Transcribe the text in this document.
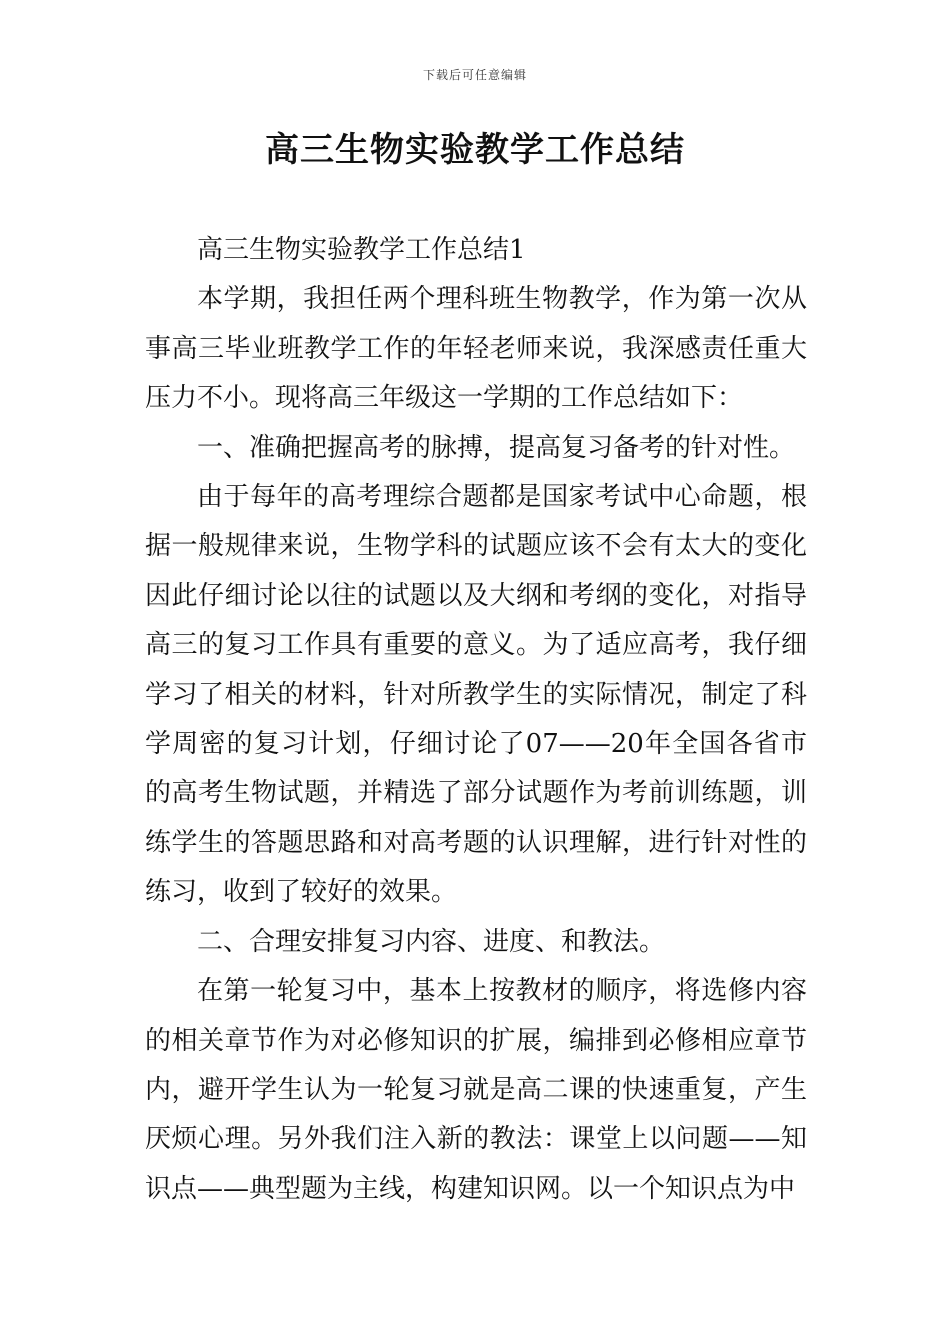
下载后可任意编辑
高三生物实验教学工作总结

高三生物实验教学工作总结1

本学期，我担任两个理科班生物教学，作为第一次从事高三毕业班教学工作的年轻老师来说，我深感责任重大压力不小。现将高三年级这一学期的工作总结如下：

一、准确把握高考的脉搏，提高复习备考的针对性。

由于每年的高考理综合题都是国家考试中心命题，根据一般规律来说，生物学科的试题应该不会有太大的变化因此仔细讨论以往的试题以及大纲和考纲的变化，对指导高三的复习工作具有重要的意义。为了适应高考，我仔细学习了相关的材料，针对所教学生的实际情况，制定了科学周密的复习计划，仔细讨论了07——20年全国各省市的高考生物试题，并精选了部分试题作为考前训练题，训练学生的答题思路和对高考题的认识理解，进行针对性的练习，收到了较好的效果。

二、合理安排复习内容、进度、和教法。

在第一轮复习中，基本上按教材的顺序，将选修内容的相关章节作为对必修知识的扩展，编排到必修相应章节内，避开学生认为一轮复习就是高二课的快速重复，产生厌烦心理。另外我们注入新的教法：课堂上以问题——知识点——典型题为主线，构建知识网。以一个知识点为中
